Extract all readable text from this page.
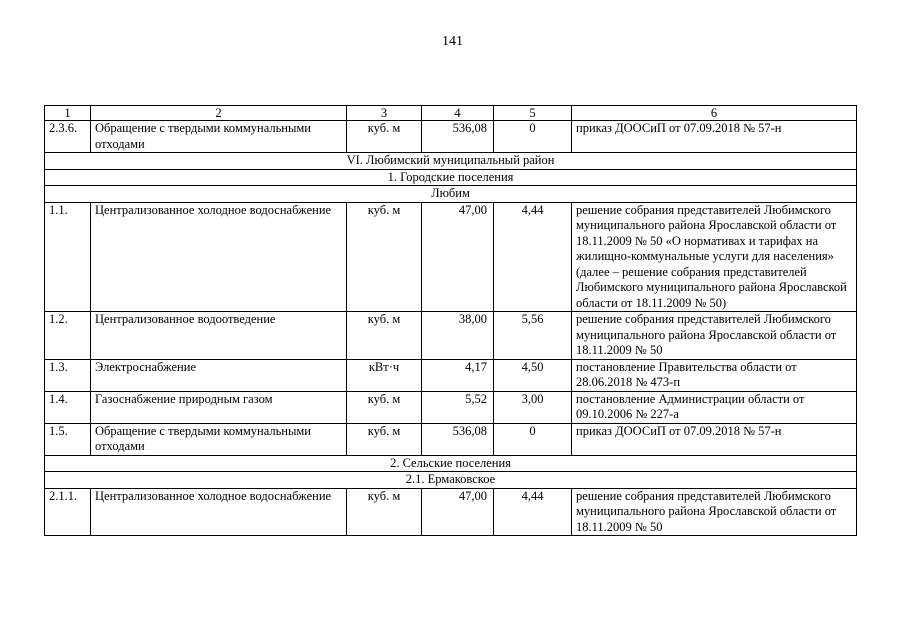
141
1	2	3	4	5	6
2.3.6.	Обращение с твердыми коммунальными отходами	куб. м	536,08	0	приказ ДООСиП от 07.09.2018 № 57-н
VI. Любимский муниципальный район					
1. Городские поселения					
Любим					
1.1.	Централизованное холодное водоснабжение	куб. м	47,00	4,44	решение собрания представителей Любимского муниципального района Ярославской области от 18.11.2009 № 50 «О нормативах и тарифах на жилищно-коммунальные услуги для населения» (далее – решение собрания представителей Любимского муниципального района Ярославской области от 18.11.2009 № 50)
1.2.	Централизованное водоотведение	куб. м	38,00	5,56	решение собрания представителей Любимского муниципального района Ярославской области от 18.11.2009 № 50
1.3.	Электроснабжение	кВт·ч	4,17	4,50	постановление Правительства области от 28.06.2018 № 473-п
1.4.	Газоснабжение природным газом	куб. м	5,52	3,00	постановление Администрации области от 09.10.2006 № 227-а
1.5.	Обращение с твердыми коммунальными отходами	куб. м	536,08	0	приказ ДООСиП от 07.09.2018 № 57-н
2. Сельские поселения					
2.1. Ермаковское					
2.1.1.	Централизованное холодное водоснабжение	куб. м	47,00	4,44	решение собрания представителей Любимского муниципального района Ярославской области от 18.11.2009 № 50
